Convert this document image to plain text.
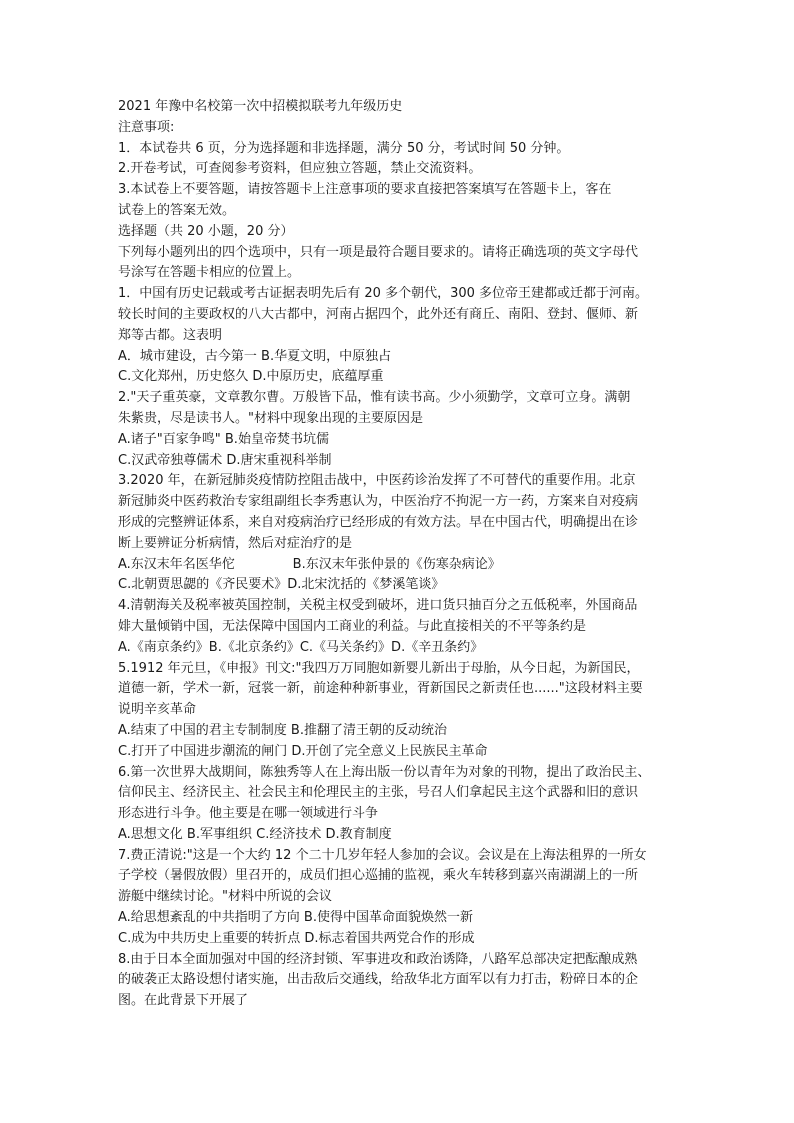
2021 年豫中名校第一次中招模拟联考九年级历史
注意事项:
1．本试卷共 6 页，分为选择题和非选择题，满分 50 分，考试时间 50 分钟。
2.开卷考试，可查阅参考资料，但应独立答题，禁止交流资料。
3.本试卷上不要答题，请按答题卡上注意事项的要求直接把答案填写在答题卡上，客在
试卷上的答案无效。
选择题（共 20 小题，20 分）
下列每小题列出的四个选项中，只有一项是最符合题目要求的。请将正确选项的英文字母代
号涂写在答题卡相应的位置上。
1．中国有历史记载或考古证据表明先后有 20 多个朝代，300 多位帝王建都或迁都于河南。
较长时间的主要政权的八大古都中，河南占据四个，此外还有商丘、南阳、登封、偃师、新
郑等古都。这表明
A．城市建设，古今第一 B.华夏文明，中原独占
C.文化郑州，历史悠久 D.中原历史，底蕴厚重
2."天子重英豪，文章教尔曹。万般皆下品，惟有读书高。少小须勤学，文章可立身。满朝
朱紫贵，尽是读书人。"材料中现象出现的主要原因是
A.诸子"百家争鸣" B.始皇帝焚书坑儒
C.汉武帝独尊儒术 D.唐宋重视科举制
3.2020 年，在新冠肺炎疫情防控阻击战中，中医药诊治发挥了不可替代的重要作用。北京
新冠肺炎中医药救治专家组副组长李秀惠认为，中医治疗不拘泥一方一药，方案来自对疫病
形成的完整辨证体系，来自对疫病治疗已经形成的有效方法。早在中国古代，明确提出在诊
断上要辨证分析病情，然后对症治疗的是
A.东汉末年名医华佗              B.东汉末年张仲景的《伤寒杂病论》
C.北朝贾思勰的《齐民要术》D.北宋沈括的《梦溪笔谈》
4.清朝海关及税率被英国控制，关税主权受到破坏，进口货只抽百分之五低税率，外国商品
婔大量倾销中国，无法保障中国国内工商业的利益。与此直接相关的不平等条约是
A.《南京条约》B.《北京条约》C.《马关条约》D.《辛丑条约》
5.1912 年元旦，《申报》刊文:"我四万万同胞如新婴儿新出于母胎，从今日起，为新国民，
道德一新，学术一新，冠裳一新，前途种种新事业，胥新国民之新责任也......"这段材料主要
说明辛亥革命
A.结束了中国的君主专制制度 B.推翻了清王朝的反动统治
C.打开了中国进步潮流的闸门 D.开创了完全意义上民族民主革命
6.第一次世界大战期间，陈独秀等人在上海出版一份以青年为对象的刊物，提出了政治民主、
信仰民主、经济民主、社会民主和伦理民主的主张，号召人们拿起民主这个武器和旧的意识
形态进行斗争。他主要是在哪一领域进行斗争
A.思想文化 B.军事组织 C.经济技术 D.教育制度
7.费正清说:"这是一个大约 12 个二十几岁年轻人参加的会议。会议是在上海法租界的一所女
子学校（暑假放假）里召开的，成员们担心巡捕的监视，乘火车转移到嘉兴南湖湖上的一所
游艇中继续讨论。"材料中所说的会议
A.给思想紊乱的中共指明了方向 B.使得中国革命面貌焕然一新
C.成为中共历史上重要的转折点 D.标志着国共两党合作的形成
8.由于日本全面加强对中国的经济封锁、军事进攻和政治诱降，八路军总部决定把酝酿成熟
的破袭正太路设想付诸实施，出击敌后交通线，给敌华北方面军以有力打击，粉碎日本的企
图。在此背景下开展了
